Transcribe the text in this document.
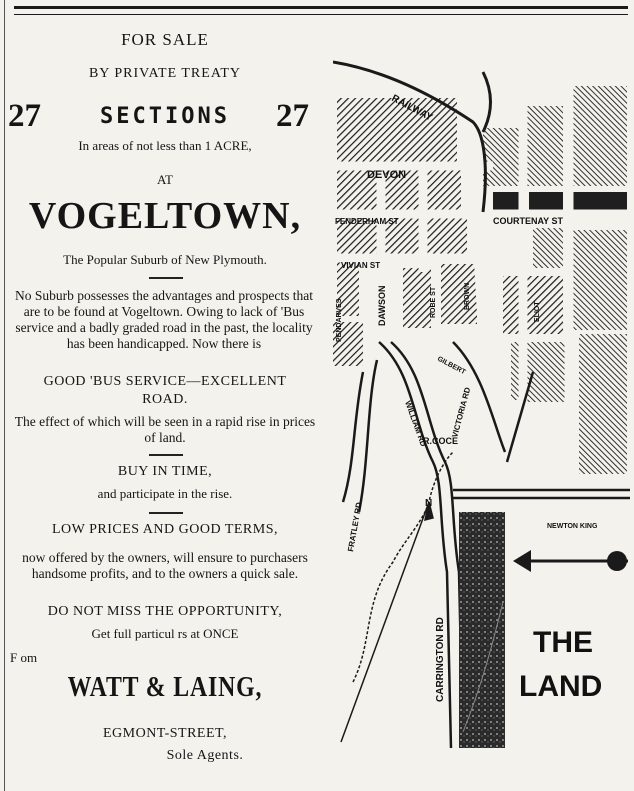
FOR SALE
BY PRIVATE TREATY
27	27
SECTIONS
In areas of not less than 1 ACRE,
AT
VOGELTOWN,
The Popular Suburb of New Plymouth.
No Suburb possesses the advantages and prospects that are to be found at Vogeltown. Owing to lack of 'Bus service and a badly graded road in the past, the locality has been handicapped. Now there is
GOOD 'BUS SERVICE—EXCELLENT
ROAD.
The effect of which will be seen in a rapid rise in prices of land.
BUY IN TIME,
and participate in the rise.
LOW PRICES AND GOOD TERMS,
now offered by the owners, will ensure to purchasers handsome profits, and to the owners a quick sale.
DO NOT MISS THE OPPORTUNITY,
Get full particul rs at ONCE
F om
WATT & LAING,
EGMONT-STREET,
Sole Agents.
RAILWAY
DEVON
FENDERHAM ST	COURTENAY ST
VIVIAN ST
DAWSON	ROBE ST	BROWN
VICTORIA RD
ELIOT
GILBERT
WILLIAM RD
PENDARVES
FRATLEY RD
R.COCE
CARRINGTON RD
NEWTON KING
N
THE
LAND
